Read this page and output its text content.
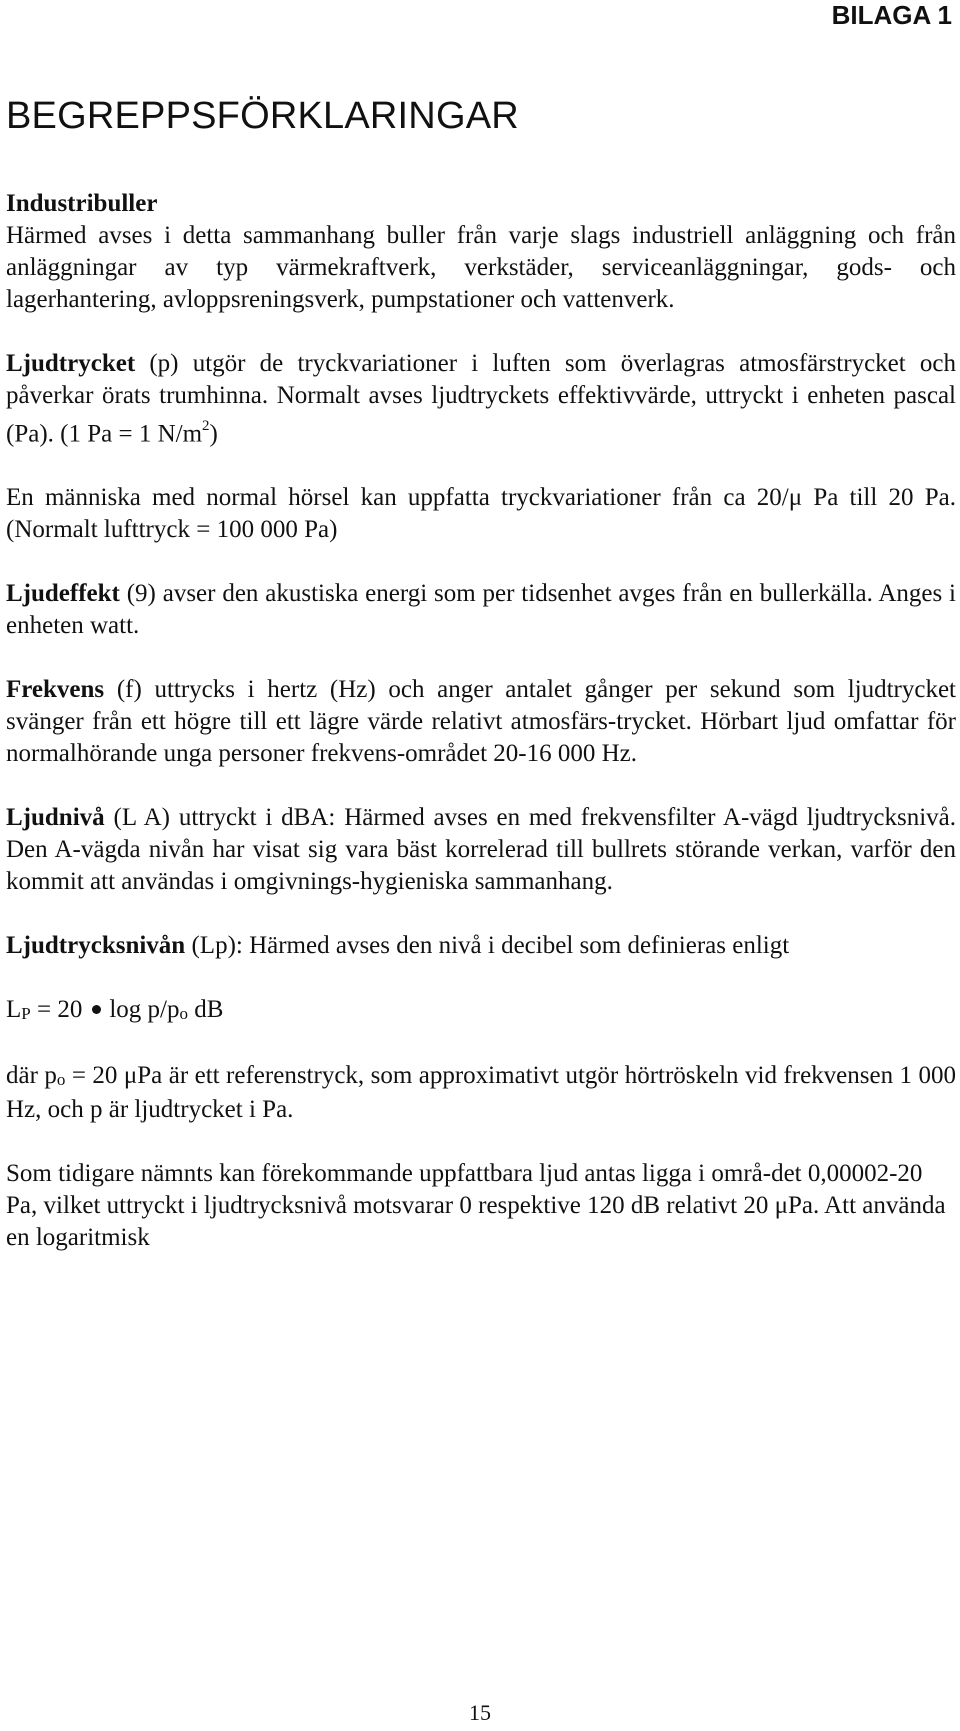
BILAGA 1
BEGREPPSFÖRKLARINGAR

Industribuller

Härmed avses i detta sammanhang buller från varje slags industriell anläggning och från anläggningar av typ värmekraftverk, verkstäder, serviceanläggningar, gods- och lagerhantering, avloppsreningsverk, pumpstationer och vattenverk.

Ljudtrycket (p) utgör de tryckvariationer i luften som överlagras atmosfärstrycket och påverkar örats trumhinna. Normalt avses ljudtryckets effektivvärde, uttryckt i enheten pascal (Pa). (1 Pa = 1 $N/m^2$)

En människa med normal hörsel kan uppfatta tryckvariationer från ca 20/μ Pa till 20 Pa. (Normalt lufttryck = 100 000 Pa)

Ljudeffekt (9) avser den akustiska energi som per tidsenhet avges från en bullerkälla. Anges i enheten watt.

Frekvens (f) uttrycks i hertz (Hz) och anger antalet gånger per sekund som ljudtrycket svänger från ett högre till ett lägre värde relativt atmosfärs-trycket. Hörbart ljud omfattar för normalhörande unga personer frekvens-området 20-16 000 Hz.

Ljudnivå (L A) uttryckt i dBA: Härmed avses en med frekvensfilter A-vägd ljudtrycksnivå. Den A-vägda nivån har visat sig vara bäst korrelerad till bullrets störande verkan, varför den kommit att användas i omgivnings-hygieniska sammanhang.

Ljudtrycksnivån (Lp): Härmed avses den nivå i decibel som definieras enligt

$L_P = 20$ $\log p/p_o$ dB

där $p_o = 20$ μPa är ett referenstryck, som approximativt utgör hörtröskeln vid frekvensen 1 000 Hz, och p är ljudtrycket i Pa.

Som tidigare nämnts kan förekommande uppfattbara ljud antas ligga i områ-det 0,00002-20 Pa, vilket uttryckt i ljudtrycksnivå motsvarar 0 respektive 120 dB relativt 20 μPa. Att använda en logaritmisk

15
